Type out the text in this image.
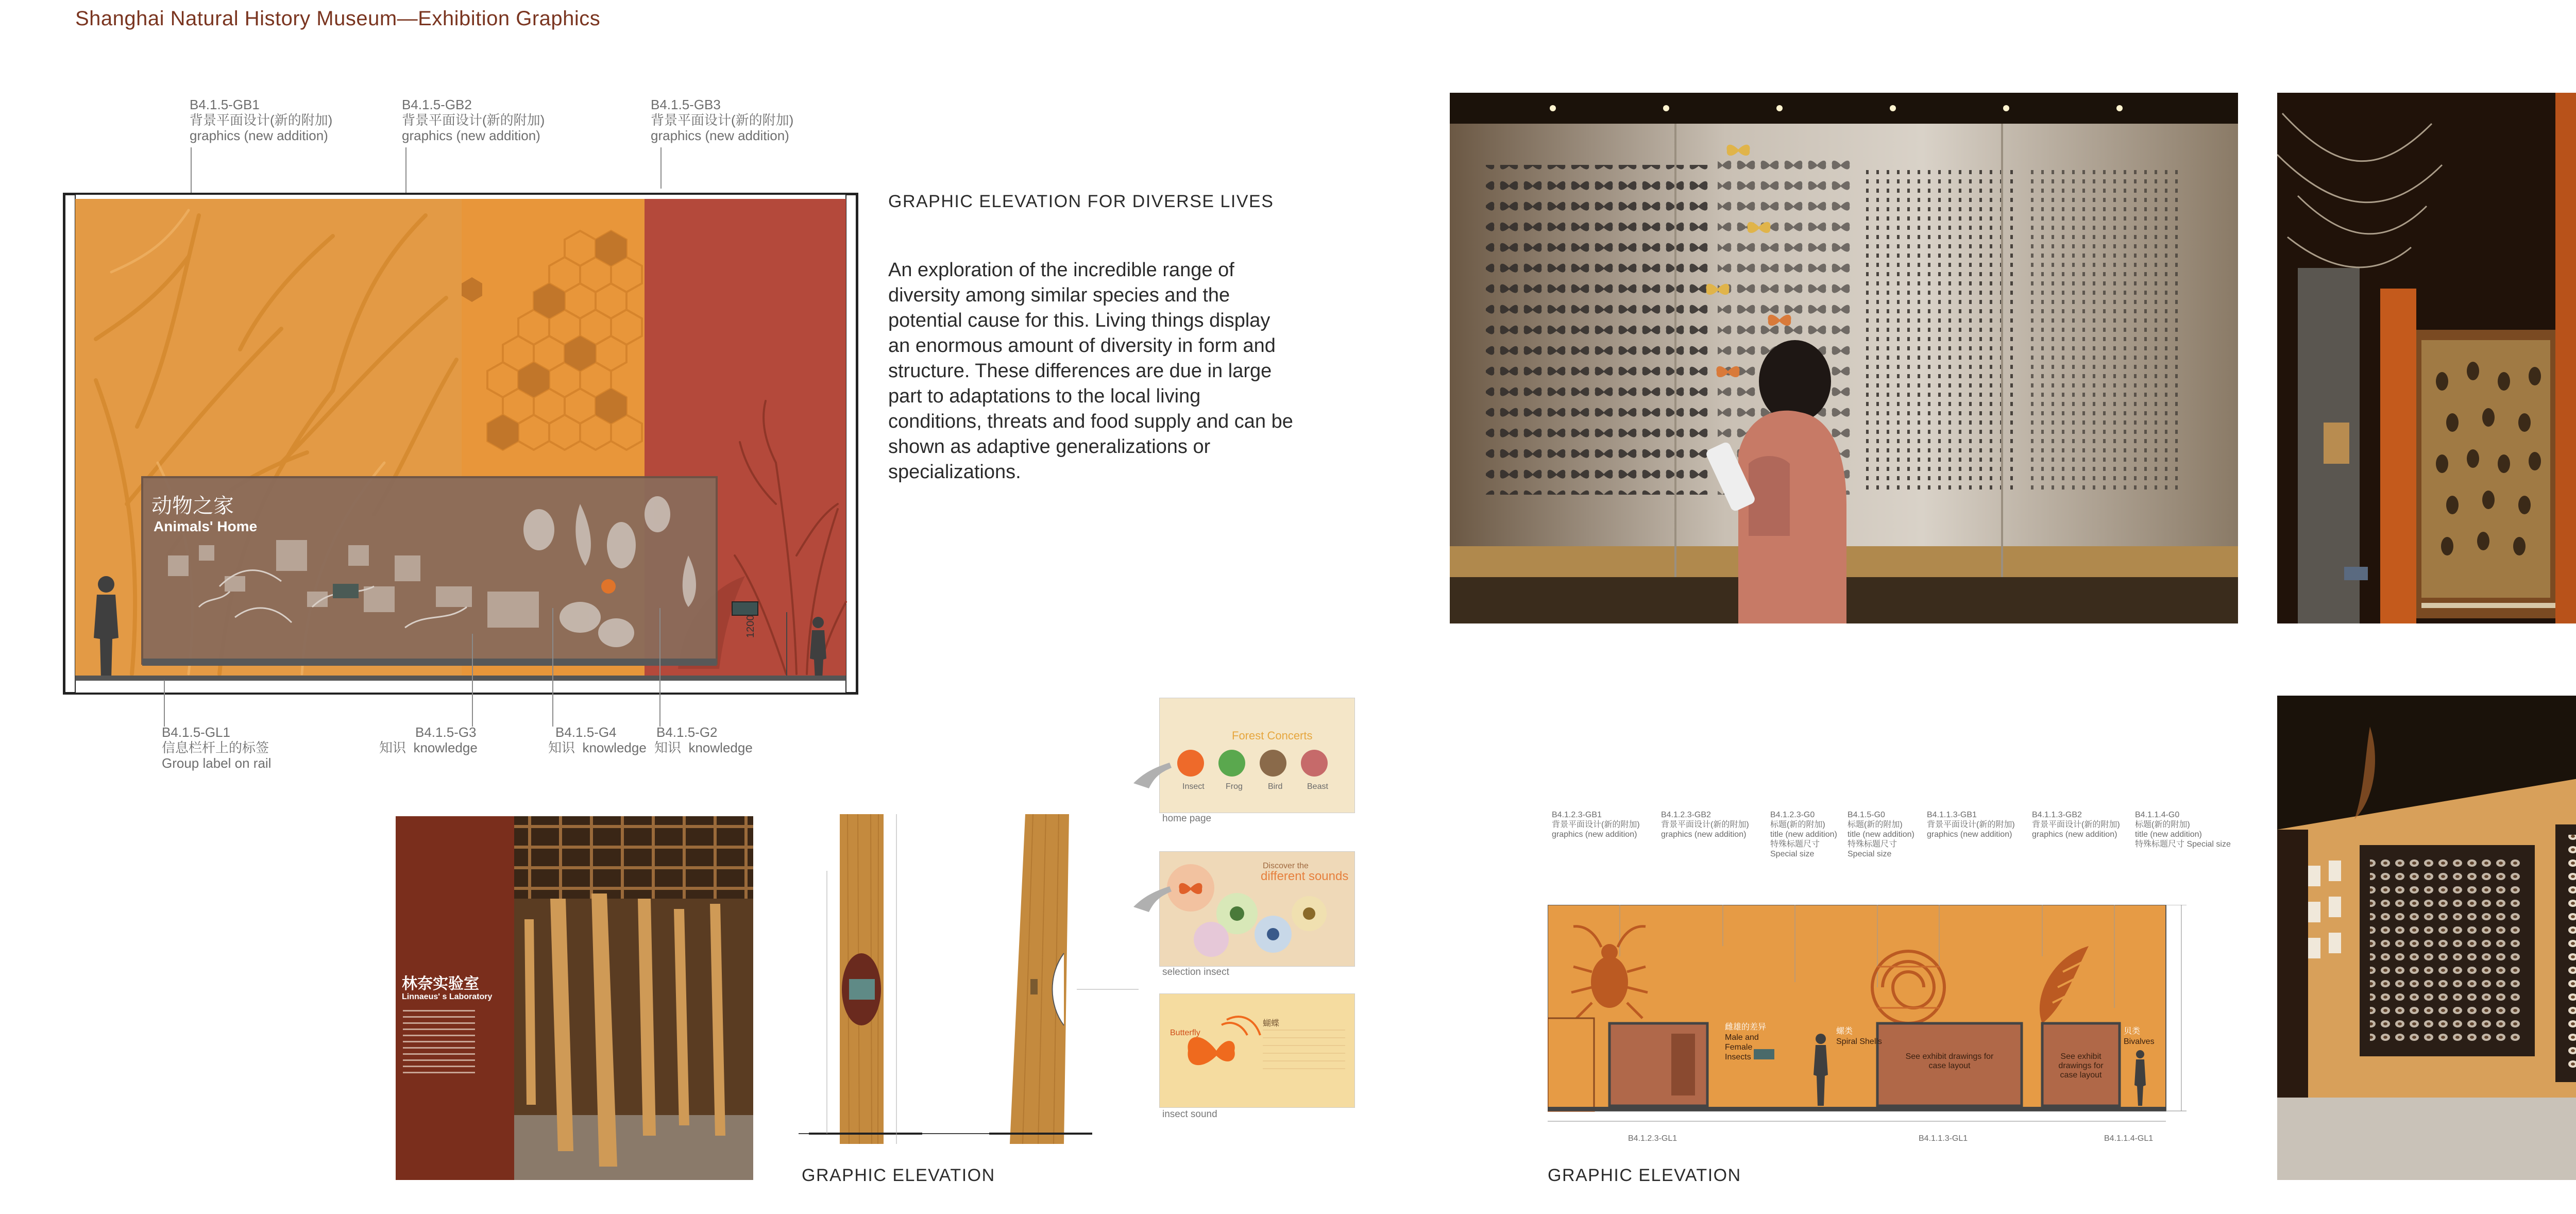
Shanghai Natural History Museum—Exhibition Graphics
B4.1.5-GB1
背景平面设计(新的附加)
graphics (new addition)
B4.1.5-GB2
背景平面设计(新的附加)
graphics (new addition)
B4.1.5-GB3
背景平面设计(新的附加)
graphics (new addition)
动物之家
Animals' Home
1200
B4.1.5-GL1
信息栏杆上的标签
Group label on rail
B4.1.5-G3
知识 knowledge
B4.1.5-G4
知识 knowledge
B4.1.5-G2
知识 knowledge
GRAPHIC ELEVATION FOR DIVERSE LIVES
An exploration of the incredible range of diversity among similar species and the potential cause for this. Living things display an enormous amount of diversity in form and structure. These differences are due in large part to adaptations to the local living conditions, threats and food supply and can be shown as adaptive generalizations or specializations.
林奈实验室
Linnaeus' s Laboratory
Forest Concerts
Insect	Frog	Bird	Beast
home page
Discover the
different sounds
selection insect
Butterfly
蝴蝶
insect sound
GRAPHIC ELEVATION
B4.1.2.3-GB1
背景平面设计(新的附加)
graphics (new addition)
B4.1.2.3-GB2
背景平面设计(新的附加)
graphics (new addition)
B4.1.2.3-G0
标题(新的附加)
title (new addition)
特殊标题尺寸
Special size
B4.1.5-G0
标题(新的附加)
title (new addition)
特殊标题尺寸
Special size
B4.1.1.3-GB1
背景平面设计(新的附加)
graphics (new addition)
B4.1.1.3-GB2
背景平面设计(新的附加)
graphics (new addition)
B4.1.1.4-G0
标题(新的附加)
title (new addition)
特殊标题尺寸 Special size
雌雄的差异
Male and Female Insects
螺类
Spiral Shells
贝类
Bivalves
See exhibit drawings for case layout
See exhibit drawings for case layout
B4.1.2.3-GL1	B4.1.1.3-GL1	B4.1.1.4-GL1
GRAPHIC ELEVATION
